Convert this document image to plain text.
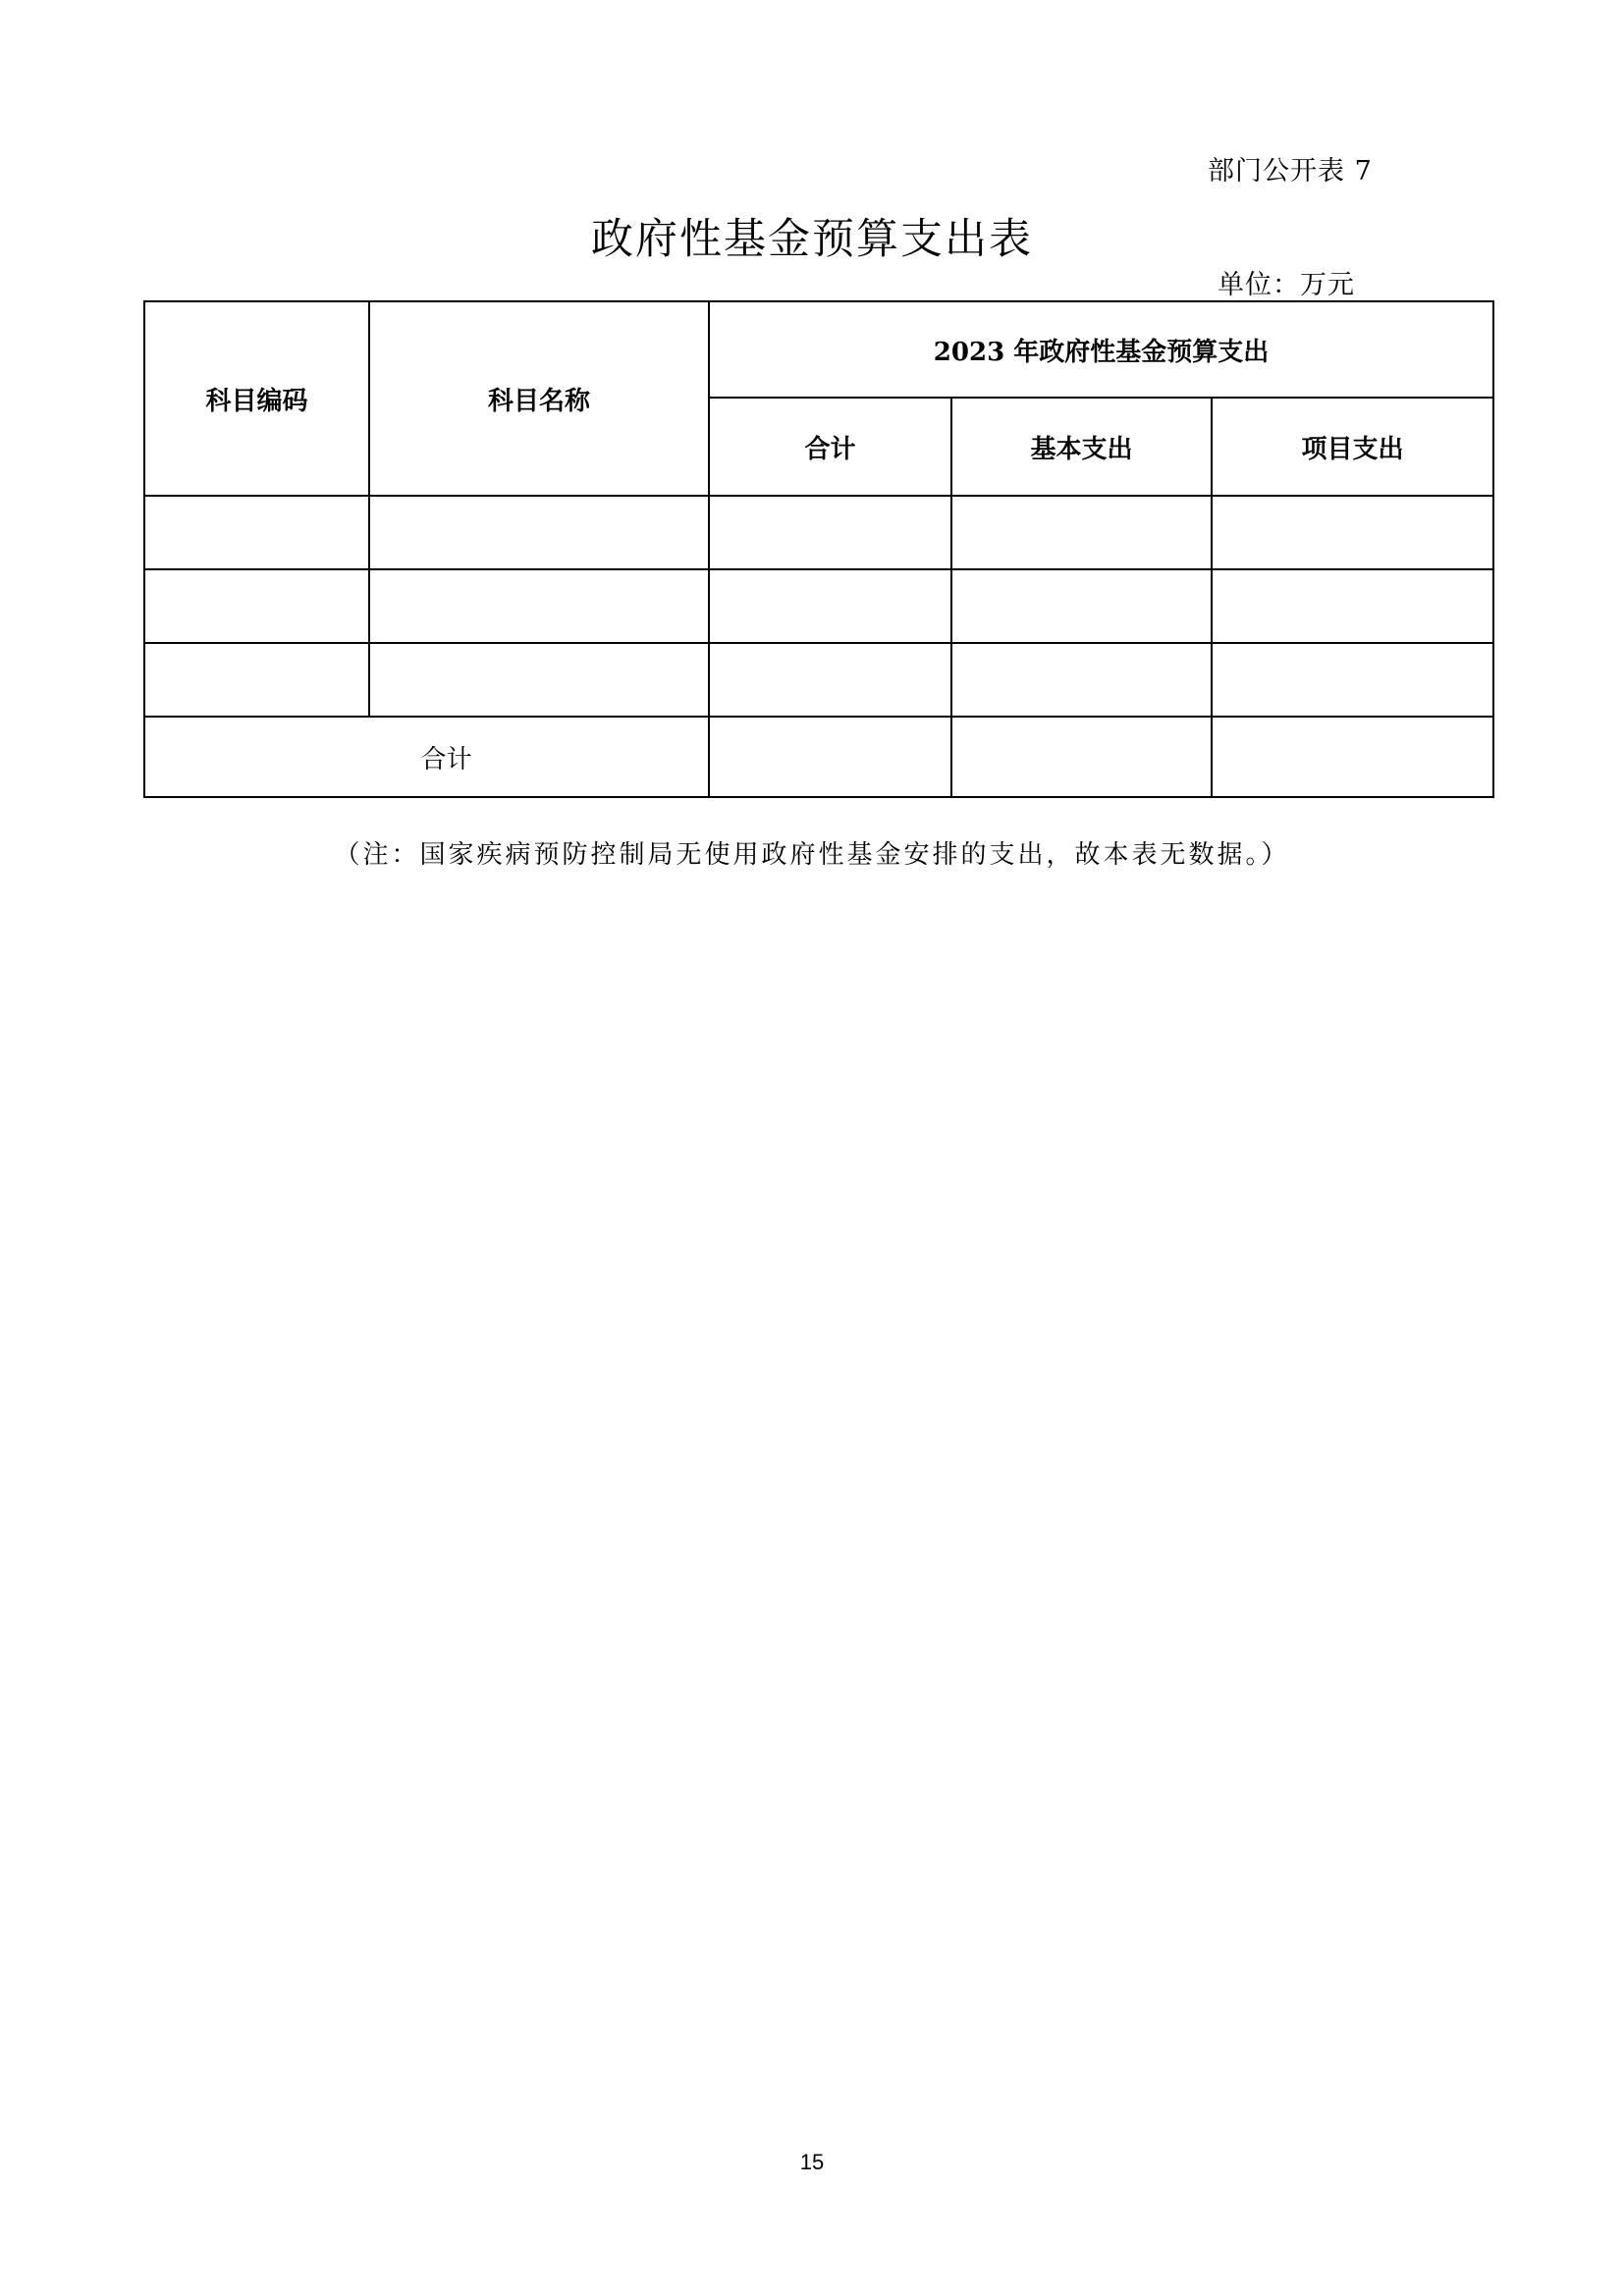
部门公开表 7
政府性基金预算支出表
单位：万元
科目编码	科目名称	2023 年政府性基金预算支出		
		合计	基本支出	项目支出

合计				
（注：国家疾病预防控制局无使用政府性基金安排的支出，故本表无数据。）
15
